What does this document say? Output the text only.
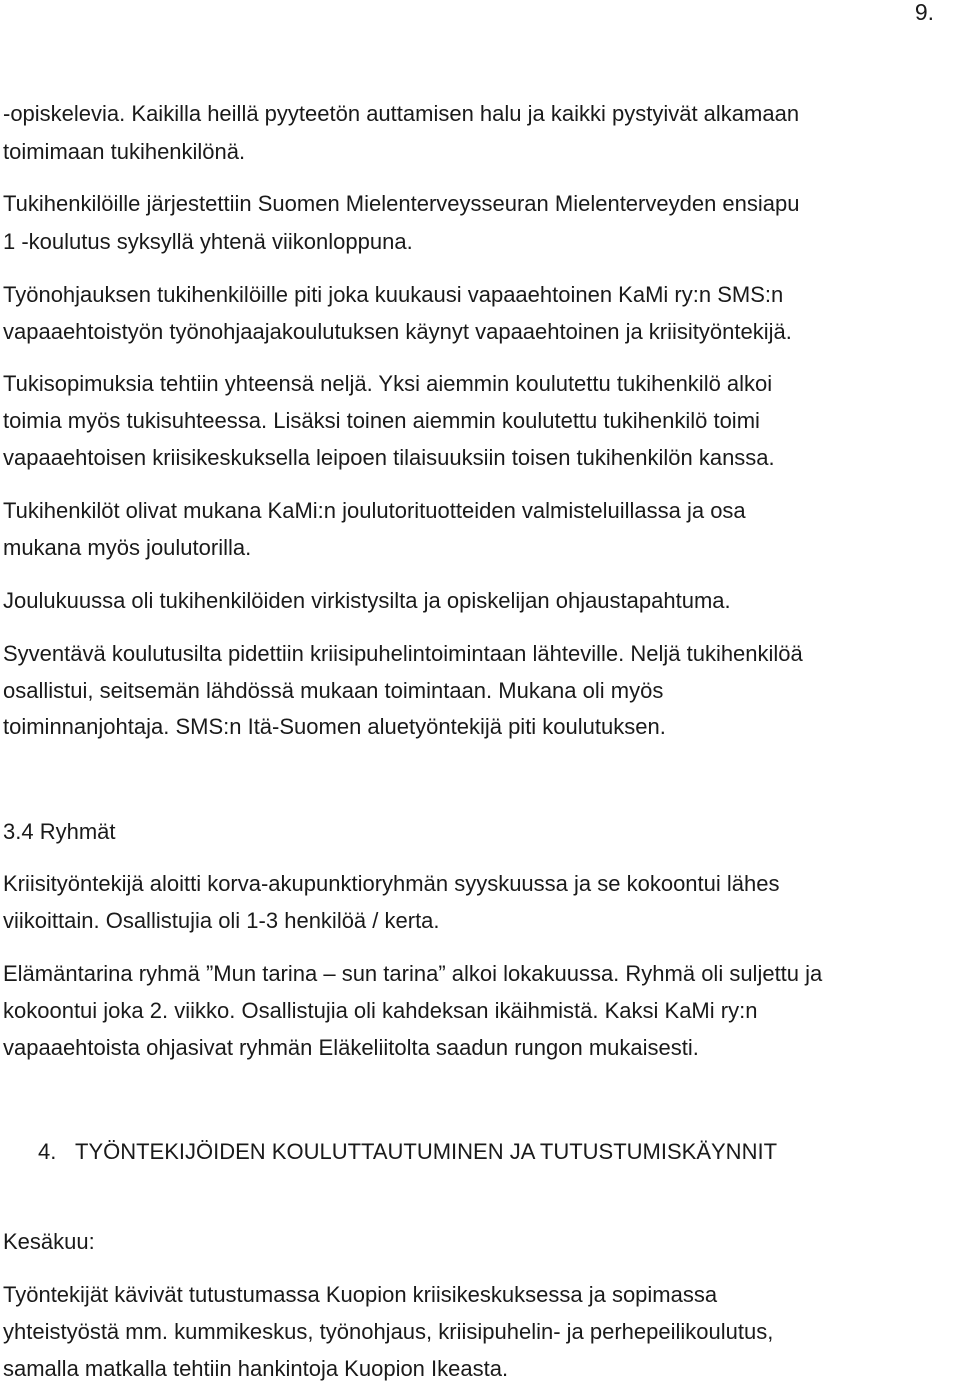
9.
-opiskelevia. Kaikilla heillä pyyteetön auttamisen halu ja kaikki pystyivät alkamaan
toimimaan tukihenkilönä.
Tukihenkilöille järjestettiin Suomen Mielenterveysseuran Mielenterveyden ensiapu
1 -koulutus syksyllä yhtenä viikonloppuna.
Työnohjauksen tukihenkilöille piti joka kuukausi vapaaehtoinen KaMi ry:n SMS:n
vapaaehtoistyön työnohjaajakoulutuksen käynyt vapaaehtoinen ja kriisityöntekijä.
Tukisopimuksia tehtiin yhteensä neljä. Yksi aiemmin koulutettu tukihenkilö alkoi
toimia myös tukisuhteessa. Lisäksi toinen aiemmin koulutettu tukihenkilö toimi
vapaaehtoisen kriisikeskuksella leipoen tilaisuuksiin toisen tukihenkilön kanssa.
Tukihenkilöt olivat mukana KaMi:n joulutorituotteiden valmisteluillassa ja osa
mukana myös joulutorilla.
Joulukuussa oli tukihenkilöiden virkistysilta ja opiskelijan ohjaustapahtuma.
Syventävä koulutusilta pidettiin kriisipuhelintoimintaan lähteville. Neljä tukihenkilöä
osallistui, seitsemän lähdössä mukaan toimintaan. Mukana oli myös
toiminnanjohtaja. SMS:n Itä-Suomen aluetyöntekijä piti koulutuksen.
3.4 Ryhmät
Kriisityöntekijä aloitti korva-akupunktioryhmän syyskuussa ja se kokoontui lähes
viikoittain. Osallistujia oli 1-3 henkilöä / kerta.
Elämäntarina ryhmä ”Mun tarina – sun tarina” alkoi lokakuussa. Ryhmä oli suljettu ja
kokoontui joka 2. viikko. Osallistujia oli kahdeksan ikäihmistä. Kaksi KaMi ry:n
vapaaehtoista ohjasivat ryhmän Eläkeliitolta saadun rungon mukaisesti.
4. TYÖNTEKIJÖIDEN KOULUTTAUTUMINEN JA TUTUSTUMISKÄYNNIT
Kesäkuu:
Työntekijät kävivät tutustumassa Kuopion kriisikeskuksessa ja sopimassa
yhteistyöstä mm. kummikeskus, työnohjaus, kriisipuhelin- ja perhepeilikoulutus,
samalla matkalla tehtiin hankintoja Kuopion Ikeasta.
